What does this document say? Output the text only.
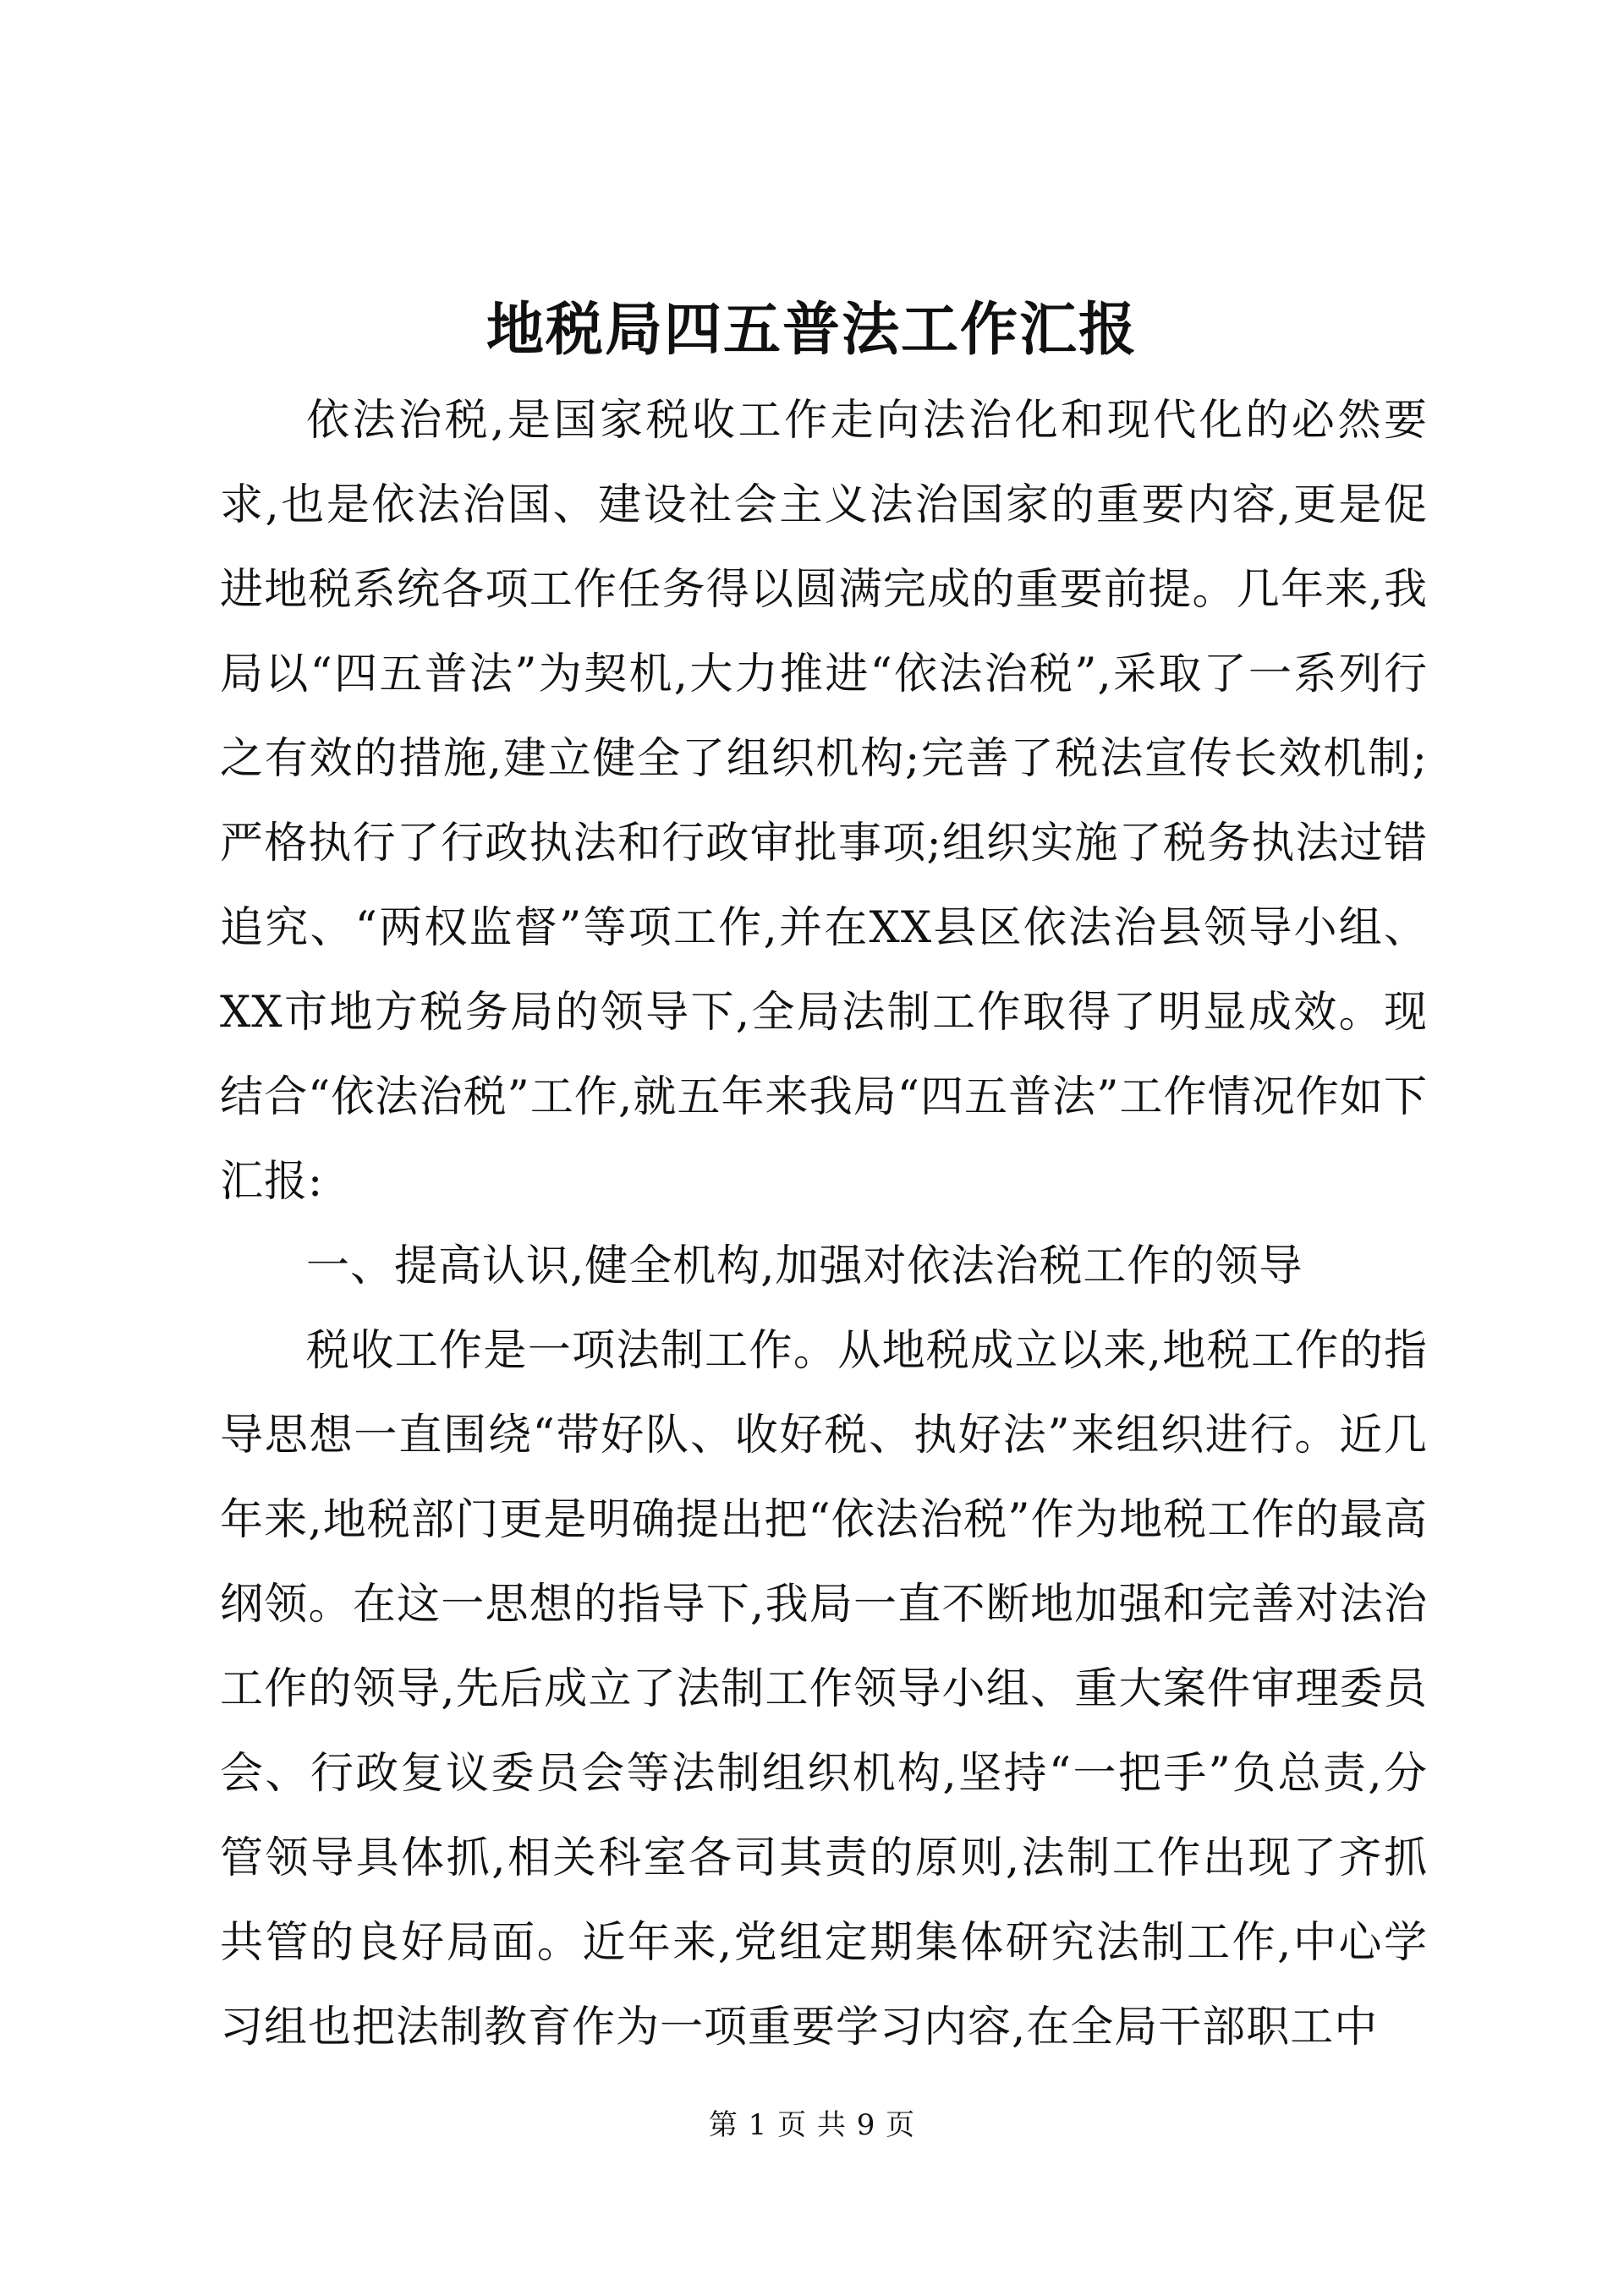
地税局四五普法工作汇报

依法治税,是国家税收工作走向法治化和现代化的必然要求,也是依法治国、建设社会主义法治国家的重要内容,更是促进地税系统各项工作任务得以圆满完成的重要前提。几年来,我局以“四五普法”为契机,大力推进“依法治税”,采取了一系列行之有效的措施,建立健全了组织机构;完善了税法宣传长效机制;严格执行了行政执法和行政审批事项;组织实施了税务执法过错追究、“两权监督”等项工作,并在XX县区依法治县领导小组、XX市地方税务局的领导下,全局法制工作取得了明显成效。现结合“依法治税”工作,就五年来我局“四五普法”工作情况作如下汇报:

一、提高认识,健全机构,加强对依法治税工作的领导

税收工作是一项法制工作。从地税成立以来,地税工作的指导思想一直围绕“带好队、收好税、执好法”来组织进行。近几年来,地税部门更是明确提出把“依法治税”作为地税工作的最高纲领。在这一思想的指导下,我局一直不断地加强和完善对法治工作的领导,先后成立了法制工作领导小组、重大案件审理委员会、行政复议委员会等法制组织机构,坚持“一把手”负总责,分管领导具体抓,相关科室各司其责的原则,法制工作出现了齐抓共管的良好局面。近年来,党组定期集体研究法制工作,中心学习组也把法制教育作为一项重要学习内容,在全局干部职工中

第 1 页 共 9 页
